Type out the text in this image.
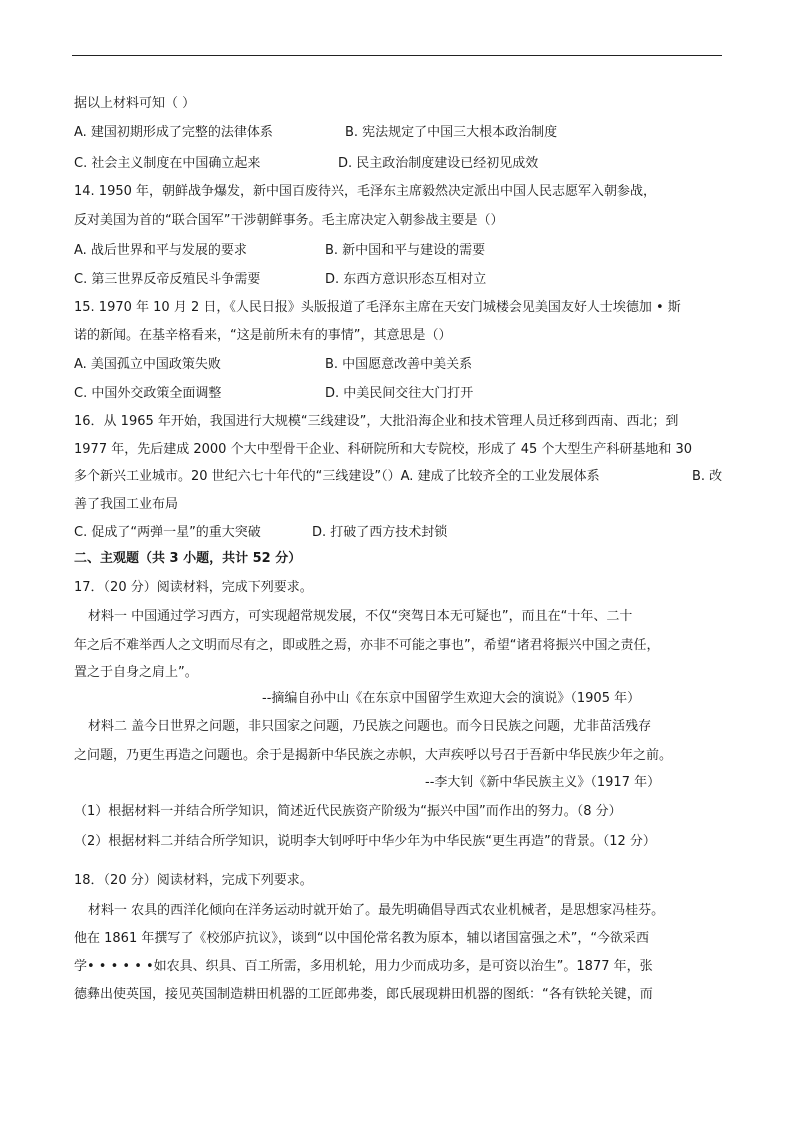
据以上材料可知（ ）
A. 建国初期形成了完整的法律体系	B. 宪法规定了中国三大根本政治制度
C. 社会主义制度在中国确立起来	D. 民主政治制度建设已经初见成效
14. 1950 年，朝鲜战争爆发，新中国百废待兴，毛泽东主席毅然决定派出中国人民志愿军入朝参战，
反对美国为首的“联合国军”干涉朝鲜事务。毛主席决定入朝参战主要是（）
A. 战后世界和平与发展的要求	B. 新中国和平与建设的需要
C. 第三世界反帝反殖民斗争需要	D. 东西方意识形态互相对立
15. 1970 年 10 月 2 日，《人民日报》头版报道了毛泽东主席在天安门城楼会见美国友好人士埃德加 • 斯
诺的新闻。在基辛格看来，“这是前所未有的事情”，其意思是（）
A. 美国孤立中国政策失败	B. 中国愿意改善中美关系
C. 中国外交政策全面调整	D. 中美民间交往大门打开
16．从 1965 年开始，我国进行大规模“三线建设”，大批沿海企业和技术管理人员迁移到西南、西北；到
1977 年，先后建成 2000 个大中型骨干企业、科研院所和大专院校，形成了 45 个大型生产科研基地和 30
多个新兴工业城市。20 世纪六七十年代的“三线建设”（）A. 建成了比较齐全的工业发展体系	B. 改
善了我国工业布局
C. 促成了“两弹一星”的重大突破	D. 打破了西方技术封锁
二、主观题（共 3 小题，共计 52 分）
17．（20 分）阅读材料，完成下列要求。
材料一 中国通过学习西方，可实现超常规发展，不仅“突驾日本无可疑也”，而且在“十年、二十
年之后不难举西人之文明而尽有之，即或胜之焉，亦非不可能之事也”，希望“诸君将振兴中国之责任，
置之于自身之肩上”。
--摘编自孙中山《在东京中国留学生欢迎大会的演说》（1905 年）
材料二 盖今日世界之问题，非只国家之问题，乃民族之问题也。而今日民族之问题，尤非苗活残存
之问题，乃更生再造之问题也。余于是揭新中华民族之赤帜，大声疾呼以号召于吾新中华民族少年之前。
--李大钊《新中华民族主义》（1917 年）
（1）根据材料一并结合所学知识，简述近代民族资产阶级为“振兴中国”而作出的努力。（8 分）
（2）根据材料二并结合所学知识，说明李大钊呼吁中华少年为中华民族“更生再造”的背景。（12 分）
18．（20 分）阅读材料，完成下列要求。
材料一 农具的西洋化倾向在洋务运动时就开始了。最先明确倡导西式农业机械者，是思想家冯桂芬。
他在 1861 年撰写了《校邠庐抗议》，谈到“以中国伦常名教为原本，辅以诸国富强之术”，“今欲采西
学• • • • • •如农具、织具、百工所需，多用机轮，用力少而成功多，是可资以治生”。1877 年，张
德彝出使英国，接见英国制造耕田机器的工匠郎弗娄，郎氏展现耕田机器的图纸：“各有铁轮关键，而
